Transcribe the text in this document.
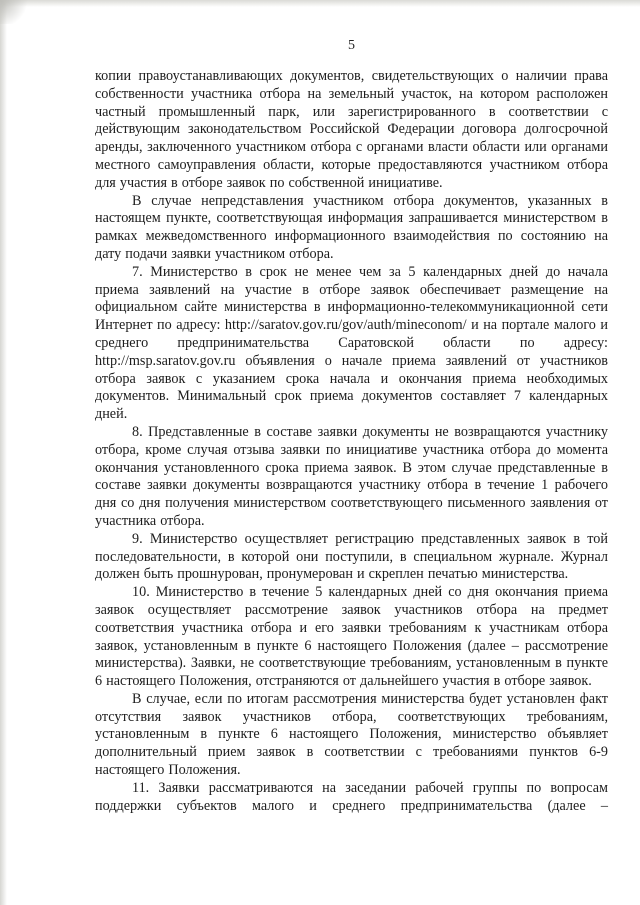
5

копии правоустанавливающих документов, свидетельствующих о наличии права собственности участника отбора на земельный участок, на котором расположен частный промышленный парк, или зарегистрированного в соответствии с действующим законодательством Российской Федерации договора долгосрочной аренды, заключенного участником отбора с органами власти области или органами местного самоуправления области, которые предоставляются участником отбора для участия в отборе заявок по собственной инициативе.

В случае непредставления участником отбора документов, указанных в настоящем пункте, соответствующая информация запрашивается министерством в рамках межведомственного информационного взаимодействия по состоянию на дату подачи заявки участником отбора.

7. Министерство в срок не менее чем за 5 календарных дней до начала приема заявлений на участие в отборе заявок обеспечивает размещение на официальном сайте министерства в информационно-телекоммуникационной сети Интернет по адресу: http://saratov.gov.ru/gov/auth/mineconom/ и на портале малого и среднего предпринимательства Саратовской области по адресу: http://msp.saratov.gov.ru объявления о начале приема заявлений от участников отбора заявок с указанием срока начала и окончания приема необходимых документов. Минимальный срок приема документов составляет 7 календарных дней.

8. Представленные в составе заявки документы не возвращаются участнику отбора, кроме случая отзыва заявки по инициативе участника отбора до момента окончания установленного срока приема заявок. В этом случае представленные в составе заявки документы возвращаются участнику отбора в течение 1 рабочего дня со дня получения министерством соответствующего письменного заявления от участника отбора.

9. Министерство осуществляет регистрацию представленных заявок в той последовательности, в которой они поступили, в специальном журнале. Журнал должен быть прошнурован, пронумерован и скреплен печатью министерства.

10. Министерство в течение 5 календарных дней со дня окончания приема заявок осуществляет рассмотрение заявок участников отбора на предмет соответствия участника отбора и его заявки требованиям к участникам отбора заявок, установленным в пункте 6 настоящего Положения (далее – рассмотрение министерства). Заявки, не соответствующие требованиям, установленным в пункте 6 настоящего Положения, отстраняются от дальнейшего участия в отборе заявок.

В случае, если по итогам рассмотрения министерства будет установлен факт отсутствия заявок участников отбора, соответствующих требованиям, установленным в пункте 6 настоящего Положения, министерство объявляет дополнительный прием заявок в соответствии с требованиями пунктов 6-9 настоящего Положения.

11. Заявки рассматриваются на заседании рабочей группы по вопросам поддержки субъектов малого и среднего предпринимательства (далее –
